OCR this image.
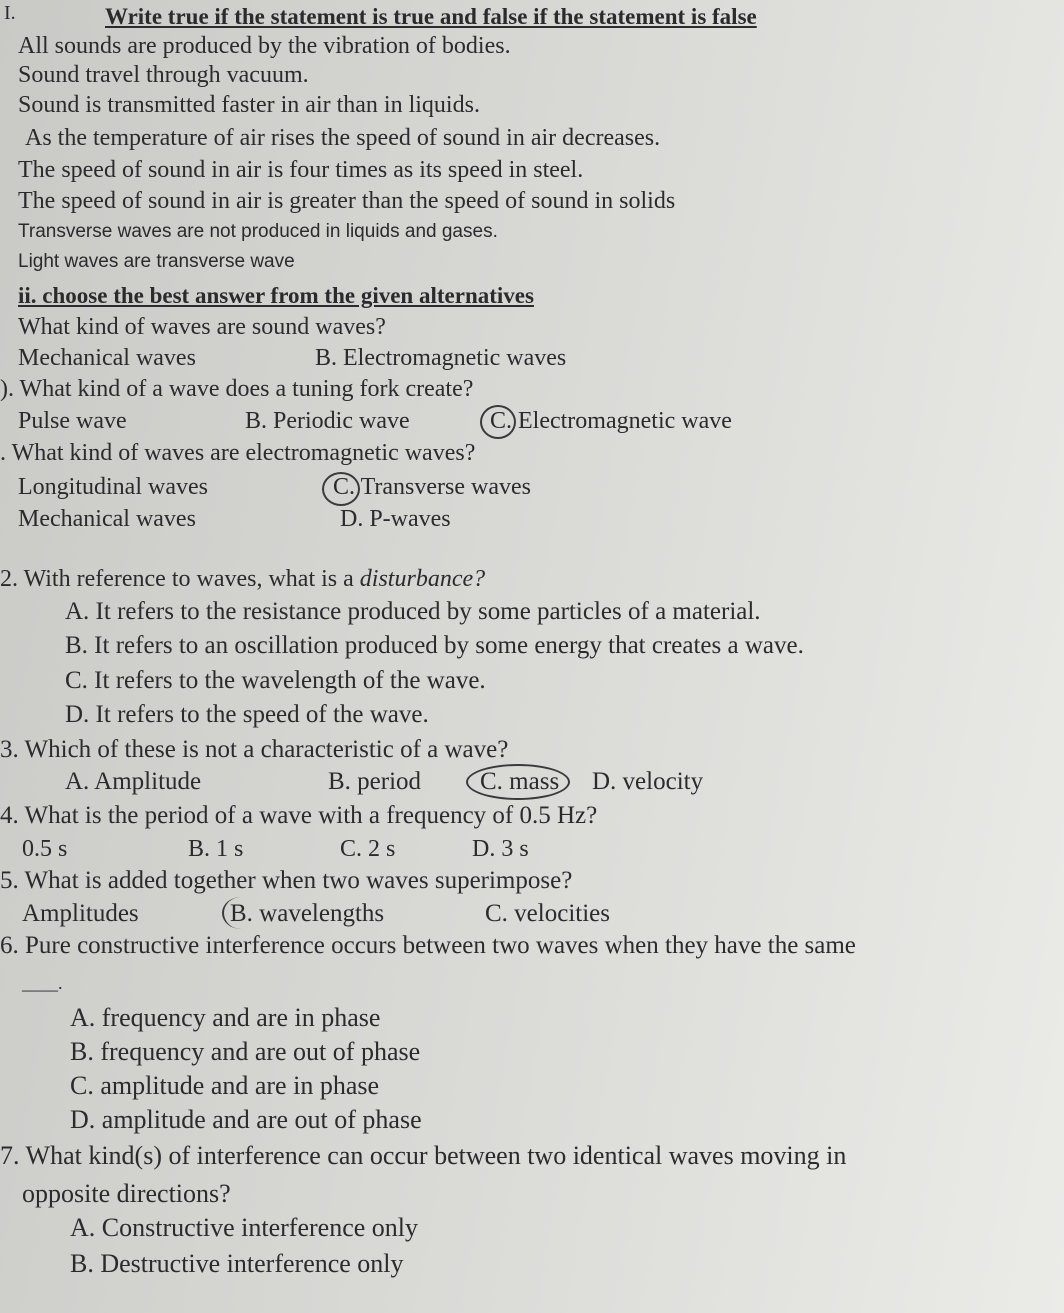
I.	Write true if the statement is true and false if the statement is false
All sounds are produced by the vibration of bodies.
Sound travel through vacuum.
Sound is transmitted faster in air than in liquids.
As the temperature of air rises the speed of sound in air decreases.
The speed of sound in air is four times as its speed in steel.
The speed of sound in air is greater than the speed of sound in solids
Transverse waves are not produced in liquids and gases.
Light waves are transverse wave
ii. choose the best answer from the given alternatives
What kind of waves are sound waves?
Mechanical waves	B. Electromagnetic waves
). What kind of a wave does a tuning fork create?
Pulse wave	B. Periodic wave	C. Electromagnetic wave
. What kind of waves are electromagnetic waves?
Longitudinal waves	C. Transverse waves
Mechanical waves	D. P-waves
2. With reference to waves, what is a disturbance?
A. It refers to the resistance produced by some particles of a material.
B. It refers to an oscillation produced by some energy that creates a wave.
C. It refers to the wavelength of the wave.
D. It refers to the speed of the wave.
3. Which of these is not a characteristic of a wave?
A. Amplitude	B. period C. mass D. velocity
4. What is the period of a wave with a frequency of 0.5 Hz?
0.5 s	B. 1 s	C. 2 s	D. 3 s
5. What is added together when two waves superimpose?
Amplitudes	B. wavelengths	C. velocities
6. Pure constructive interference occurs between two waves when they have the same
____.
A. frequency and are in phase
B. frequency and are out of phase
C. amplitude and are in phase
D. amplitude and are out of phase
7. What kind(s) of interference can occur between two identical waves moving in
opposite directions?
A. Constructive interference only
B. Destructive interference only
